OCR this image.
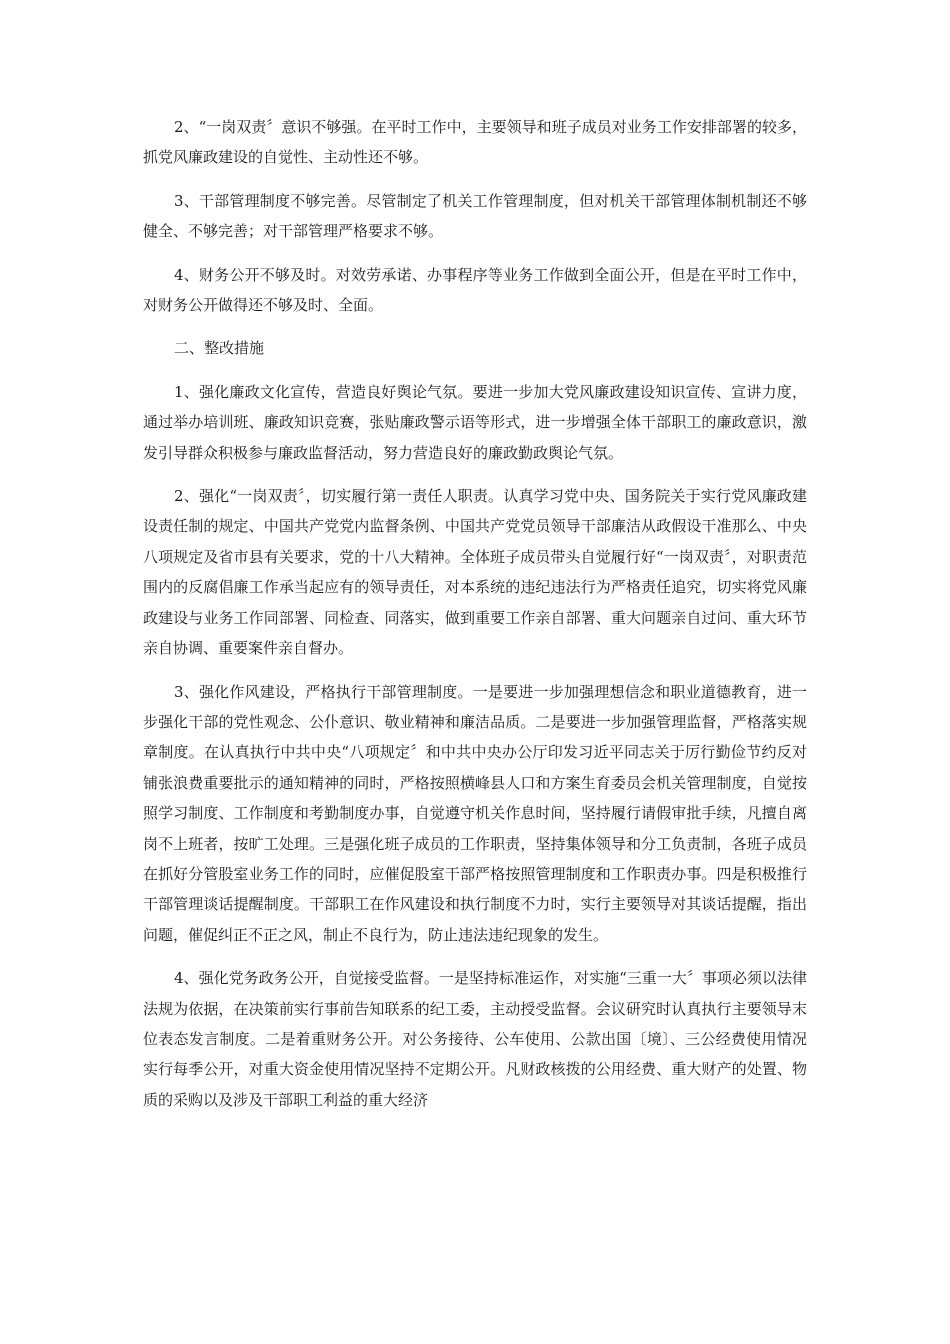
2、“一岗双责〞意识不够强。在平时工作中，主要领导和班子成员对业务工作安排部署的较多，抓党风廉政建设的自觉性、主动性还不够。

3、干部管理制度不够完善。尽管制定了机关工作管理制度，但对机关干部管理体制机制还不够健全、不够完善；对干部管理严格要求不够。

4、财务公开不够及时。对效劳承诺、办事程序等业务工作做到全面公开，但是在平时工作中，对财务公开做得还不够及时、全面。

二、整改措施

1、强化廉政文化宣传，营造良好舆论气氛。要进一步加大党风廉政建设知识宣传、宣讲力度，通过举办培训班、廉政知识竞赛，张贴廉政警示语等形式，进一步增强全体干部职工的廉政意识，激发引导群众积极参与廉政监督活动，努力营造良好的廉政勤政舆论气氛。

2、强化“一岗双责〞，切实履行第一责任人职责。认真学习党中央、国务院关于实行党风廉政建设责任制的规定、中国共产党党内监督条例、中国共产党党员领导干部廉洁从政假设干准那么、中央八项规定及省市县有关要求，党的十八大精神。全体班子成员带头自觉履行好“一岗双责〞，对职责范围内的反腐倡廉工作承当起应有的领导责任，对本系统的违纪违法行为严格责任追究，切实将党风廉政建设与业务工作同部署、同检查、同落实，做到重要工作亲自部署、重大问题亲自过问、重大环节亲自协调、重要案件亲自督办。

3、强化作风建设，严格执行干部管理制度。一是要进一步加强理想信念和职业道德教育，进一步强化干部的党性观念、公仆意识、敬业精神和廉洁品质。二是要进一步加强管理监督，严格落实规章制度。在认真执行中共中央“八项规定〞和中共中央办公厅印发习近平同志关于厉行勤俭节约反对铺张浪费重要批示的通知精神的同时，严格按照横峰县人口和方案生育委员会机关管理制度，自觉按照学习制度、工作制度和考勤制度办事，自觉遵守机关作息时间，坚持履行请假审批手续，凡擅自离岗不上班者，按旷工处理。三是强化班子成员的工作职责，坚持集体领导和分工负责制，各班子成员在抓好分管股室业务工作的同时，应催促股室干部严格按照管理制度和工作职责办事。四是积极推行干部管理谈话提醒制度。干部职工在作风建设和执行制度不力时，实行主要领导对其谈话提醒，指出问题，催促纠正不正之风，制止不良行为，防止违法违纪现象的发生。

4、强化党务政务公开，自觉接受监督。一是坚持标准运作，对实施“三重一大〞事项必须以法律法规为依据，在决策前实行事前告知联系的纪工委，主动授受监督。会议研究时认真执行主要领导末位表态发言制度。二是着重财务公开。对公务接待、公车使用、公款出国〔境〕、三公经费使用情况实行每季公开，对重大资金使用情况坚持不定期公开。凡财政核拨的公用经费、重大财产的处置、物质的采购以及涉及干部职工利益的重大经济
